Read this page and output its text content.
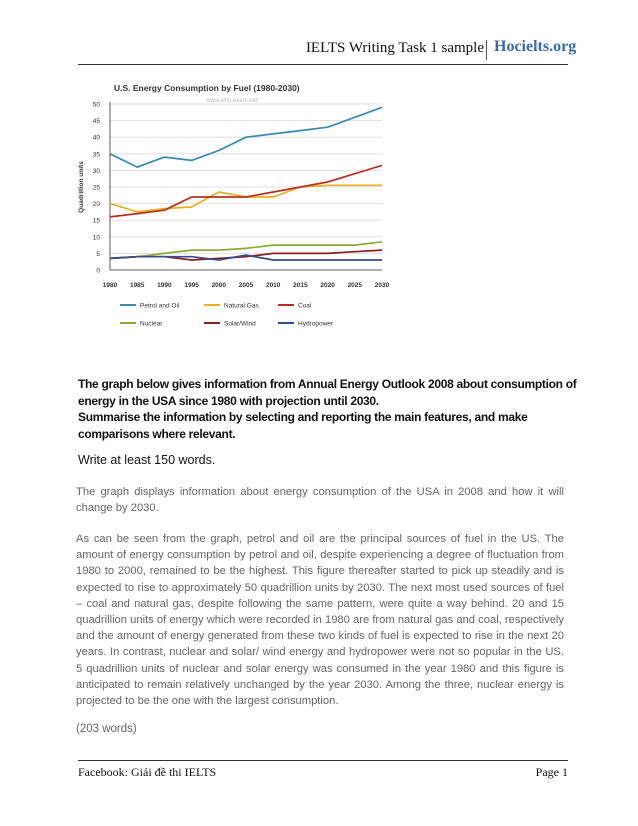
IELTS Writing Task 1 sample Hocielts.org
U.S. Energy Consumption by Fuel (1980-2030)
www.ielts-exam.net
0
5
10
15
20
25
30
35
40
45
50
1980 1985 1990 1995 2000 2005 2010 2015 2020 2025 2030
Quadrillion units
Petrol and Oil	Natural Gas	Coal
Nuclear	Solar/Wind	Hydropower

The graph below gives information from Annual Energy Outlook 2008 about consumption of

energy in the USA since 1980 with projection until 2030.

Summarise the information by selecting and reporting the main features, and make

comparisons where relevant.

Write at least 150 words.

The graph displays information about energy consumption of the USA in 2008 and how it will change by 2030.

As can be seen from the graph, petrol and oil are the principal sources of fuel in the US. The amount of energy consumption by petrol and oil, despite experiencing a degree of fluctuation from 1980 to 2000, remained to be the highest. This figure thereafter started to pick up steadily and is expected to rise to approximately 50 quadrillion units by 2030. The next most used sources of fuel – coal and natural gas, despite following the same pattern, were quite a way behind. 20 and 15 quadrillion units of energy which were recorded in 1980 are from natural gas and coal, respectively and the amount of energy generated from these two kinds of fuel is expected to rise in the next 20 years. In contrast, nuclear and solar/ wind energy and hydropower were not so popular in the US. 5 quadrillion units of nuclear and solar energy was consumed in the year 1980 and this figure is anticipated to remain relatively unchanged by the year 2030. Among the three, nuclear energy is projected to be the one with the largest consumption.

(203 words)
Facebook: Giải đề thi IELTS	Page 1
